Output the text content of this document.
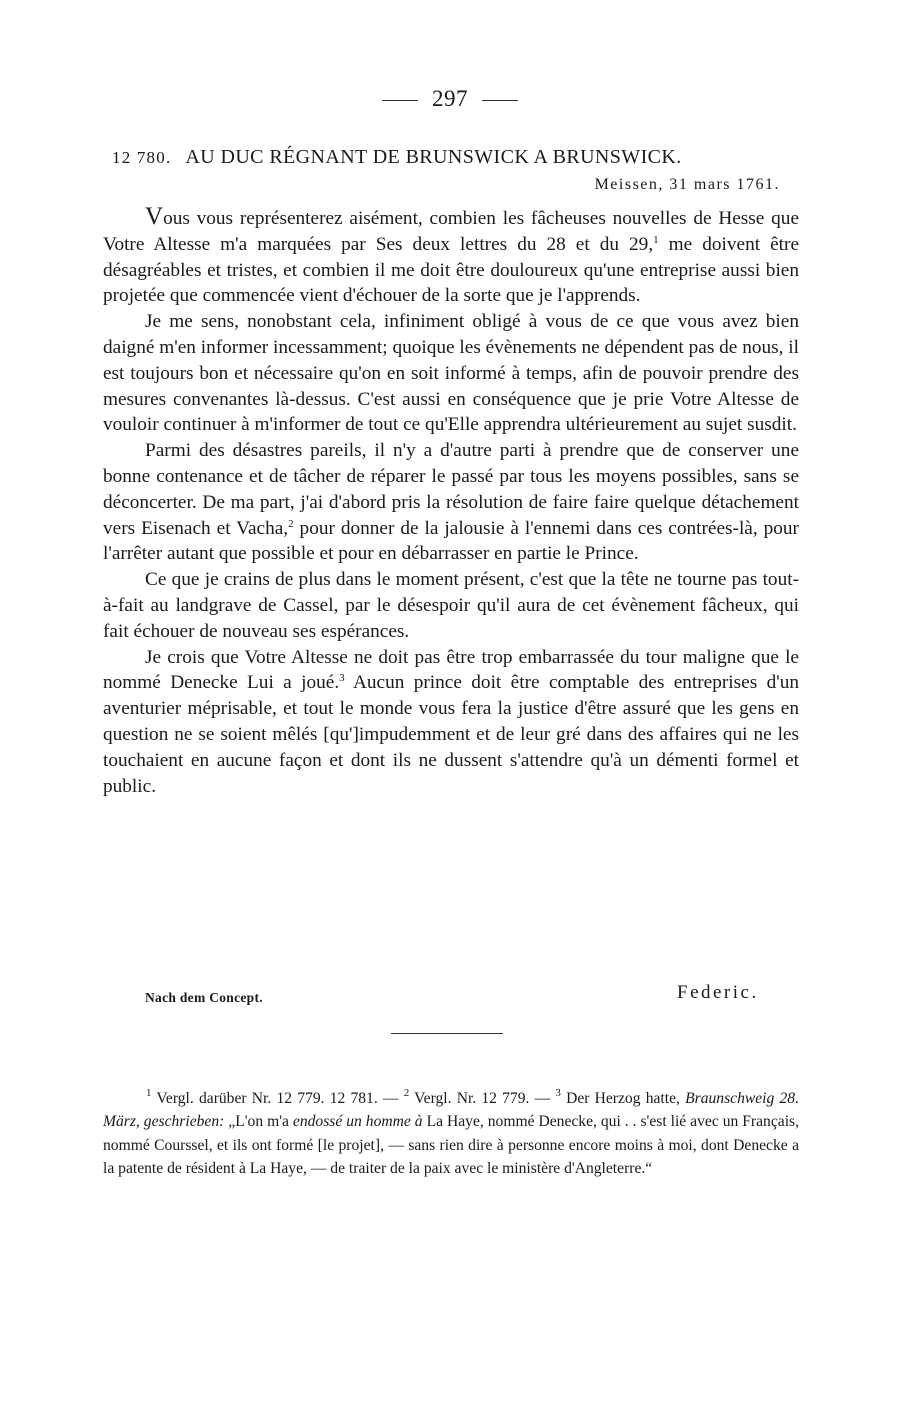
297
12 780. AU DUC RÉGNANT DE BRUNSWICK A BRUNSWICK.
Meissen, 31 mars 1761.

Vous vous représenterez aisément, combien les fâcheuses nouvelles de Hesse que Votre Altesse m'a marquées par Ses deux lettres du 28 et du 29,$^1$ me doivent être désagréables et tristes, et combien il me doit être douloureux qu'une entreprise aussi bien projetée que commencée vient d'échouer de la sorte que je l'apprends.

Je me sens, nonobstant cela, infiniment obligé à vous de ce que vous avez bien daigné m'en informer incessamment; quoique les évènements ne dépendent pas de nous, il est toujours bon et nécessaire qu'on en soit informé à temps, afin de pouvoir prendre des mesures convenantes là-dessus. C'est aussi en conséquence que je prie Votre Altesse de vouloir continuer à m'informer de tout ce qu'Elle apprendra ultérieurement au sujet susdit.

Parmi des désastres pareils, il n'y a d'autre parti à prendre que de conserver une bonne contenance et de tâcher de réparer le passé par tous les moyens possibles, sans se déconcerter. De ma part, j'ai d'abord pris la résolution de faire faire quelque détachement vers Eisenach et Vacha,$^2$ pour donner de la jalousie à l'ennemi dans ces contrées-là, pour l'arrêter autant que possible et pour en débarrasser en partie le Prince.

Ce que je crains de plus dans le moment présent, c'est que la tête ne tourne pas tout-à-fait au landgrave de Cassel, par le désespoir qu'il aura de cet évènement fâcheux, qui fait échouer de nouveau ses espérances.

Je crois que Votre Altesse ne doit pas être trop embarrassée du tour maligne que le nommé Denecke Lui a joué.$^3$ Aucun prince doit être comptable des entreprises d'un aventurier méprisable, et tout le monde vous fera la justice d'être assuré que les gens en question ne se soient mêlés [qu']impudemment et de leur gré dans des affaires qui ne les touchaient en aucune façon et dont ils ne dussent s'attendre qu'à un démenti formel et public.

Nach dem Concept.	Federic.

$^1$ Vergl. darüber Nr. 12 779. 12 781. — $^2$ Vergl. Nr. 12 779. — $^3$ Der Herzog hatte, Braunschweig 28. März, geschrieben: „L'on m'a endossé un homme à La Haye, nommé Denecke, qui . . s'est lié avec un Français, nommé Courssel, et ils ont formé [le projet], — sans rien dire à personne encore moins à moi, dont Denecke a la patente de résident à La Haye, — de traiter de la paix avec le ministère d'Angleterre.“
